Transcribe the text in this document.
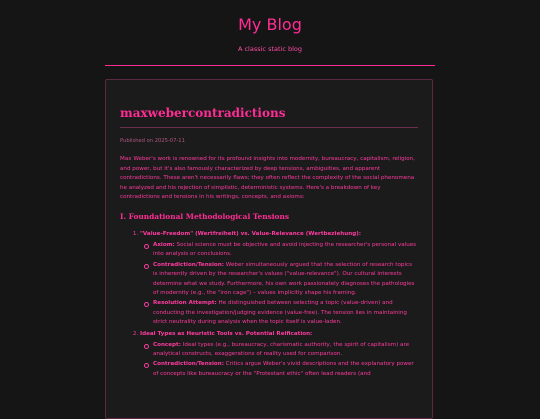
My Blog
A classic static blog
maxwebercontradictions
Published on 2025-07-11

Max Weber's work is renowned for its profound insights into modernity, bureaucracy, capitalism, religion, and power, but it's also famously characterized by deep tensions, ambiguities, and apparent contradictions. These aren't necessarily flaws; they often reflect the complexity of the social phenomena he analyzed and his rejection of simplistic, deterministic systems. Here's a breakdown of key contradictions and tensions in his writings, concepts, and axioms:

I. Foundational Methodological Tensions
1. "Value-Freedom" (Wertfreiheit) vs. Value-Relevance (Wertbeziehung):
Axiom: Social science must be objective and avoid injecting the researcher's personal values into analysis or conclusions.
Contradiction/Tension: Weber simultaneously argued that the selection of research topics is inherently driven by the researcher's values ("value-relevance"). Our cultural interests determine what we study. Furthermore, his own work passionately diagnoses the pathologies of modernity (e.g., the "iron cage") – values implicitly shape his framing.
Resolution Attempt: He distinguished between selecting a topic (value-driven) and conducting the investigation/judging evidence (value-free). The tension lies in maintaining strict neutrality during analysis when the topic itself is value-laden.
2. Ideal Types as Heuristic Tools vs. Potential Reification:
Concept: Ideal types (e.g., bureaucracy, charismatic authority, the spirit of capitalism) are analytical constructs, exaggerations of reality used for comparison.
Contradiction/Tension: Critics argue Weber's vivid descriptions and the explanatory power of concepts like bureaucracy or the "Protestant ethic" often lead readers (and
